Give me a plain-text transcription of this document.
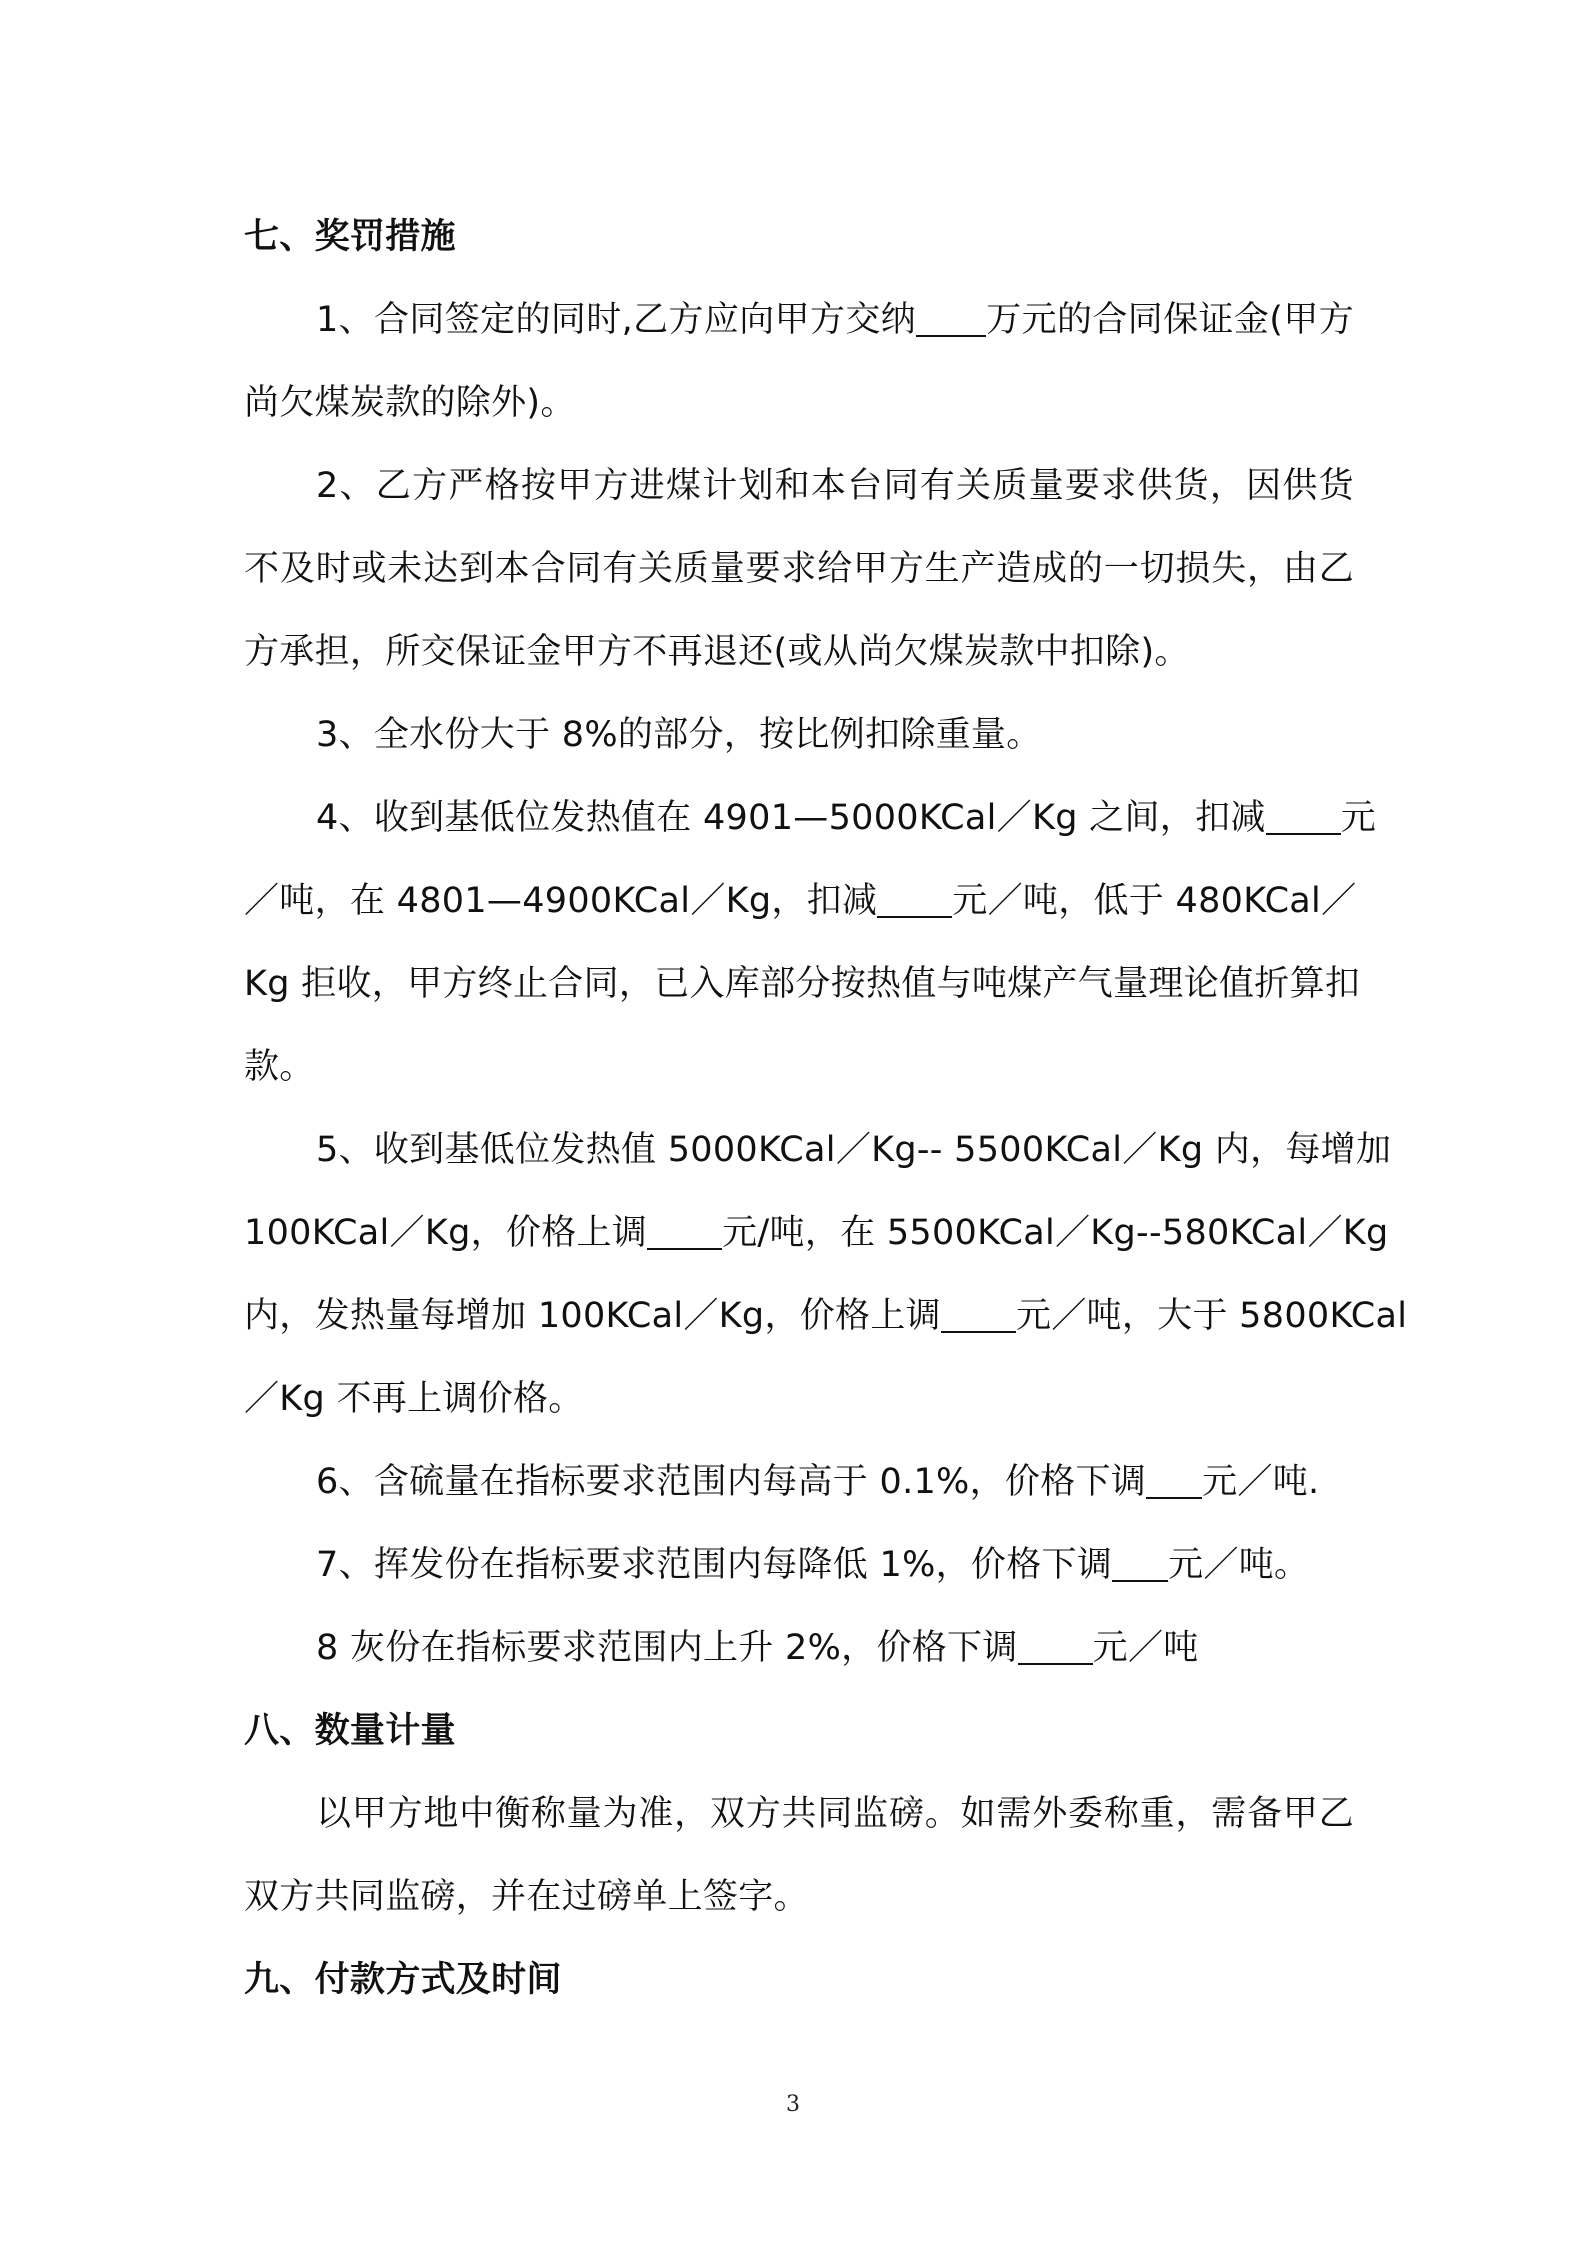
七、奖罚措施
1、合同签定的同时,乙方应向甲方交纳 万元的合同保证金(甲方
尚欠煤炭款的除外)。
2、乙方严格按甲方进煤计划和本台同有关质量要求供货，因供货
不及时或未达到本合同有关质量要求给甲方生产造成的一切损失，由乙
方承担，所交保证金甲方不再退还(或从尚欠煤炭款中扣除)。
3、全水份大于 8%的部分，按比例扣除重量。
4、收到基低位发热值在 4901—5000KCal／Kg 之间，扣减 元
／吨，在 4801—4900KCal／Kg，扣减 元／吨，低于 480KCal／
Kg 拒收，甲方终止合同，已入库部分按热值与吨煤产气量理论值折算扣
款。
5、收到基低位发热值 5000KCal／Kg-- 5500KCal／Kg 内，每增加
100KCal／Kg，价格上调 元/吨，在 5500KCal／Kg--580KCal／Kg
内，发热量每增加 100KCal／Kg，价格上调 元／吨，大于 5800KCal
／Kg 不再上调价格。
6、含硫量在指标要求范围内每高于 0.1%，价格下调 元／吨.
7、挥发份在指标要求范围内每降低 1%，价格下调 元／吨。
8 灰份在指标要求范围内上升 2%，价格下调 元／吨
八、数量计量
以甲方地中衡称量为准，双方共同监磅。如需外委称重，需备甲乙
双方共同监磅，并在过磅单上签字。
九、付款方式及时间
3
